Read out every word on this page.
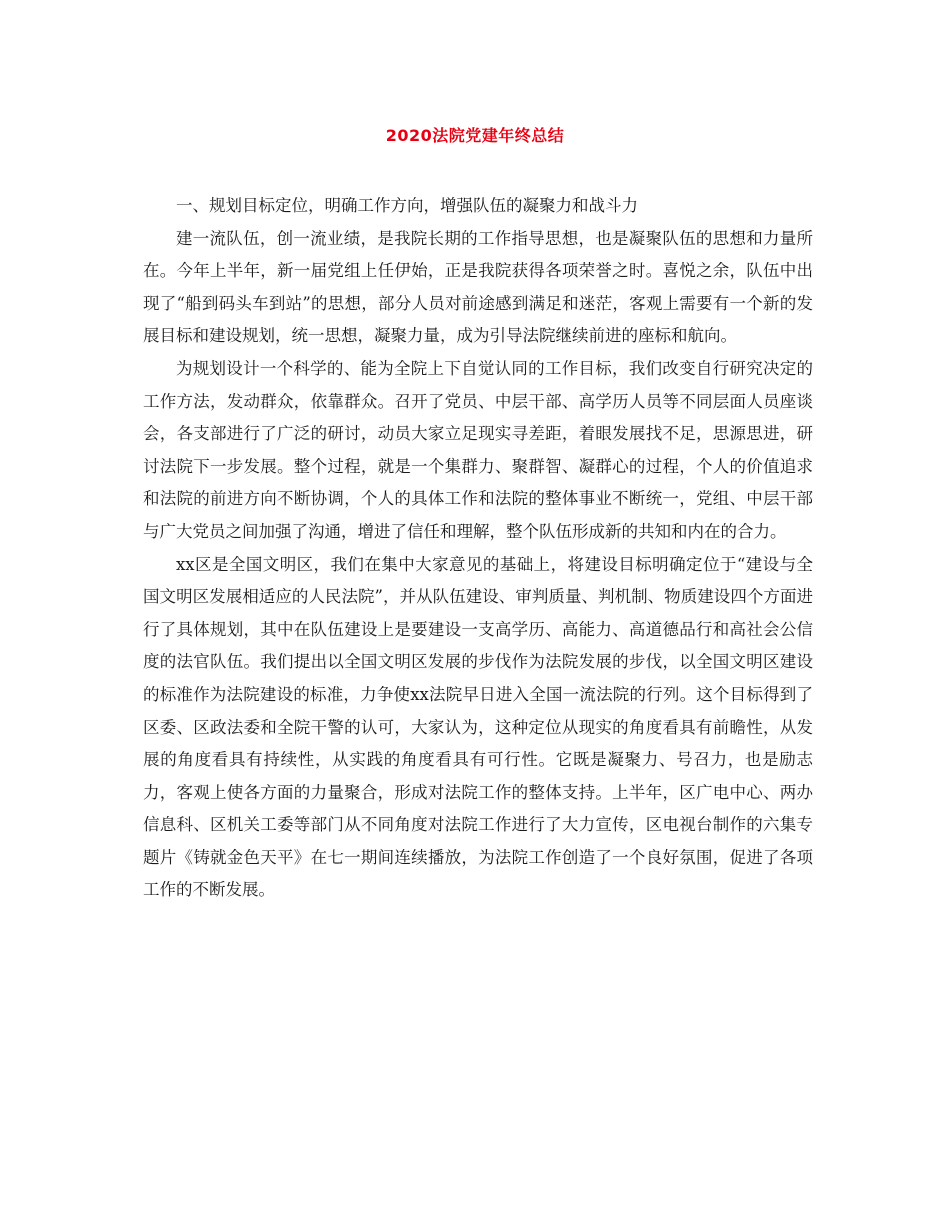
2020法院党建年终总结

一、规划目标定位，明确工作方向，增强队伍的凝聚力和战斗力

建一流队伍，创一流业绩，是我院长期的工作指导思想，也是凝聚队伍的思想和力量所在。今年上半年，新一届党组上任伊始，正是我院获得各项荣誉之时。喜悦之余，队伍中出现了“船到码头车到站”的思想，部分人员对前途感到满足和迷茫，客观上需要有一个新的发展目标和建设规划，统一思想，凝聚力量，成为引导法院继续前进的座标和航向。

为规划设计一个科学的、能为全院上下自觉认同的工作目标，我们改变自行研究决定的工作方法，发动群众，依靠群众。召开了党员、中层干部、高学历人员等不同层面人员座谈会，各支部进行了广泛的研讨，动员大家立足现实寻差距，着眼发展找不足，思源思进，研讨法院下一步发展。整个过程，就是一个集群力、聚群智、凝群心的过程，个人的价值追求和法院的前进方向不断协调，个人的具体工作和法院的整体事业不断统一，党组、中层干部与广大党员之间加强了沟通，增进了信任和理解，整个队伍形成新的共知和内在的合力。

xx区是全国文明区，我们在集中大家意见的基础上，将建设目标明确定位于“建设与全国文明区发展相适应的人民法院”，并从队伍建设、审判质量、判机制、物质建设四个方面进行了具体规划，其中在队伍建设上是要建设一支高学历、高能力、高道德品行和高社会公信度的法官队伍。我们提出以全国文明区发展的步伐作为法院发展的步伐，以全国文明区建设的标准作为法院建设的标准，力争使xx法院早日进入全国一流法院的行列。这个目标得到了区委、区政法委和全院干警的认可，大家认为，这种定位从现实的角度看具有前瞻性，从发展的角度看具有持续性，从实践的角度看具有可行性。它既是凝聚力、号召力，也是励志力，客观上使各方面的力量聚合，形成对法院工作的整体支持。上半年，区广电中心、两办信息科、区机关工委等部门从不同角度对法院工作进行了大力宣传，区电视台制作的六集专题片《铸就金色天平》在七一期间连续播放，为法院工作创造了一个良好氛围，促进了各项工作的不断发展。
